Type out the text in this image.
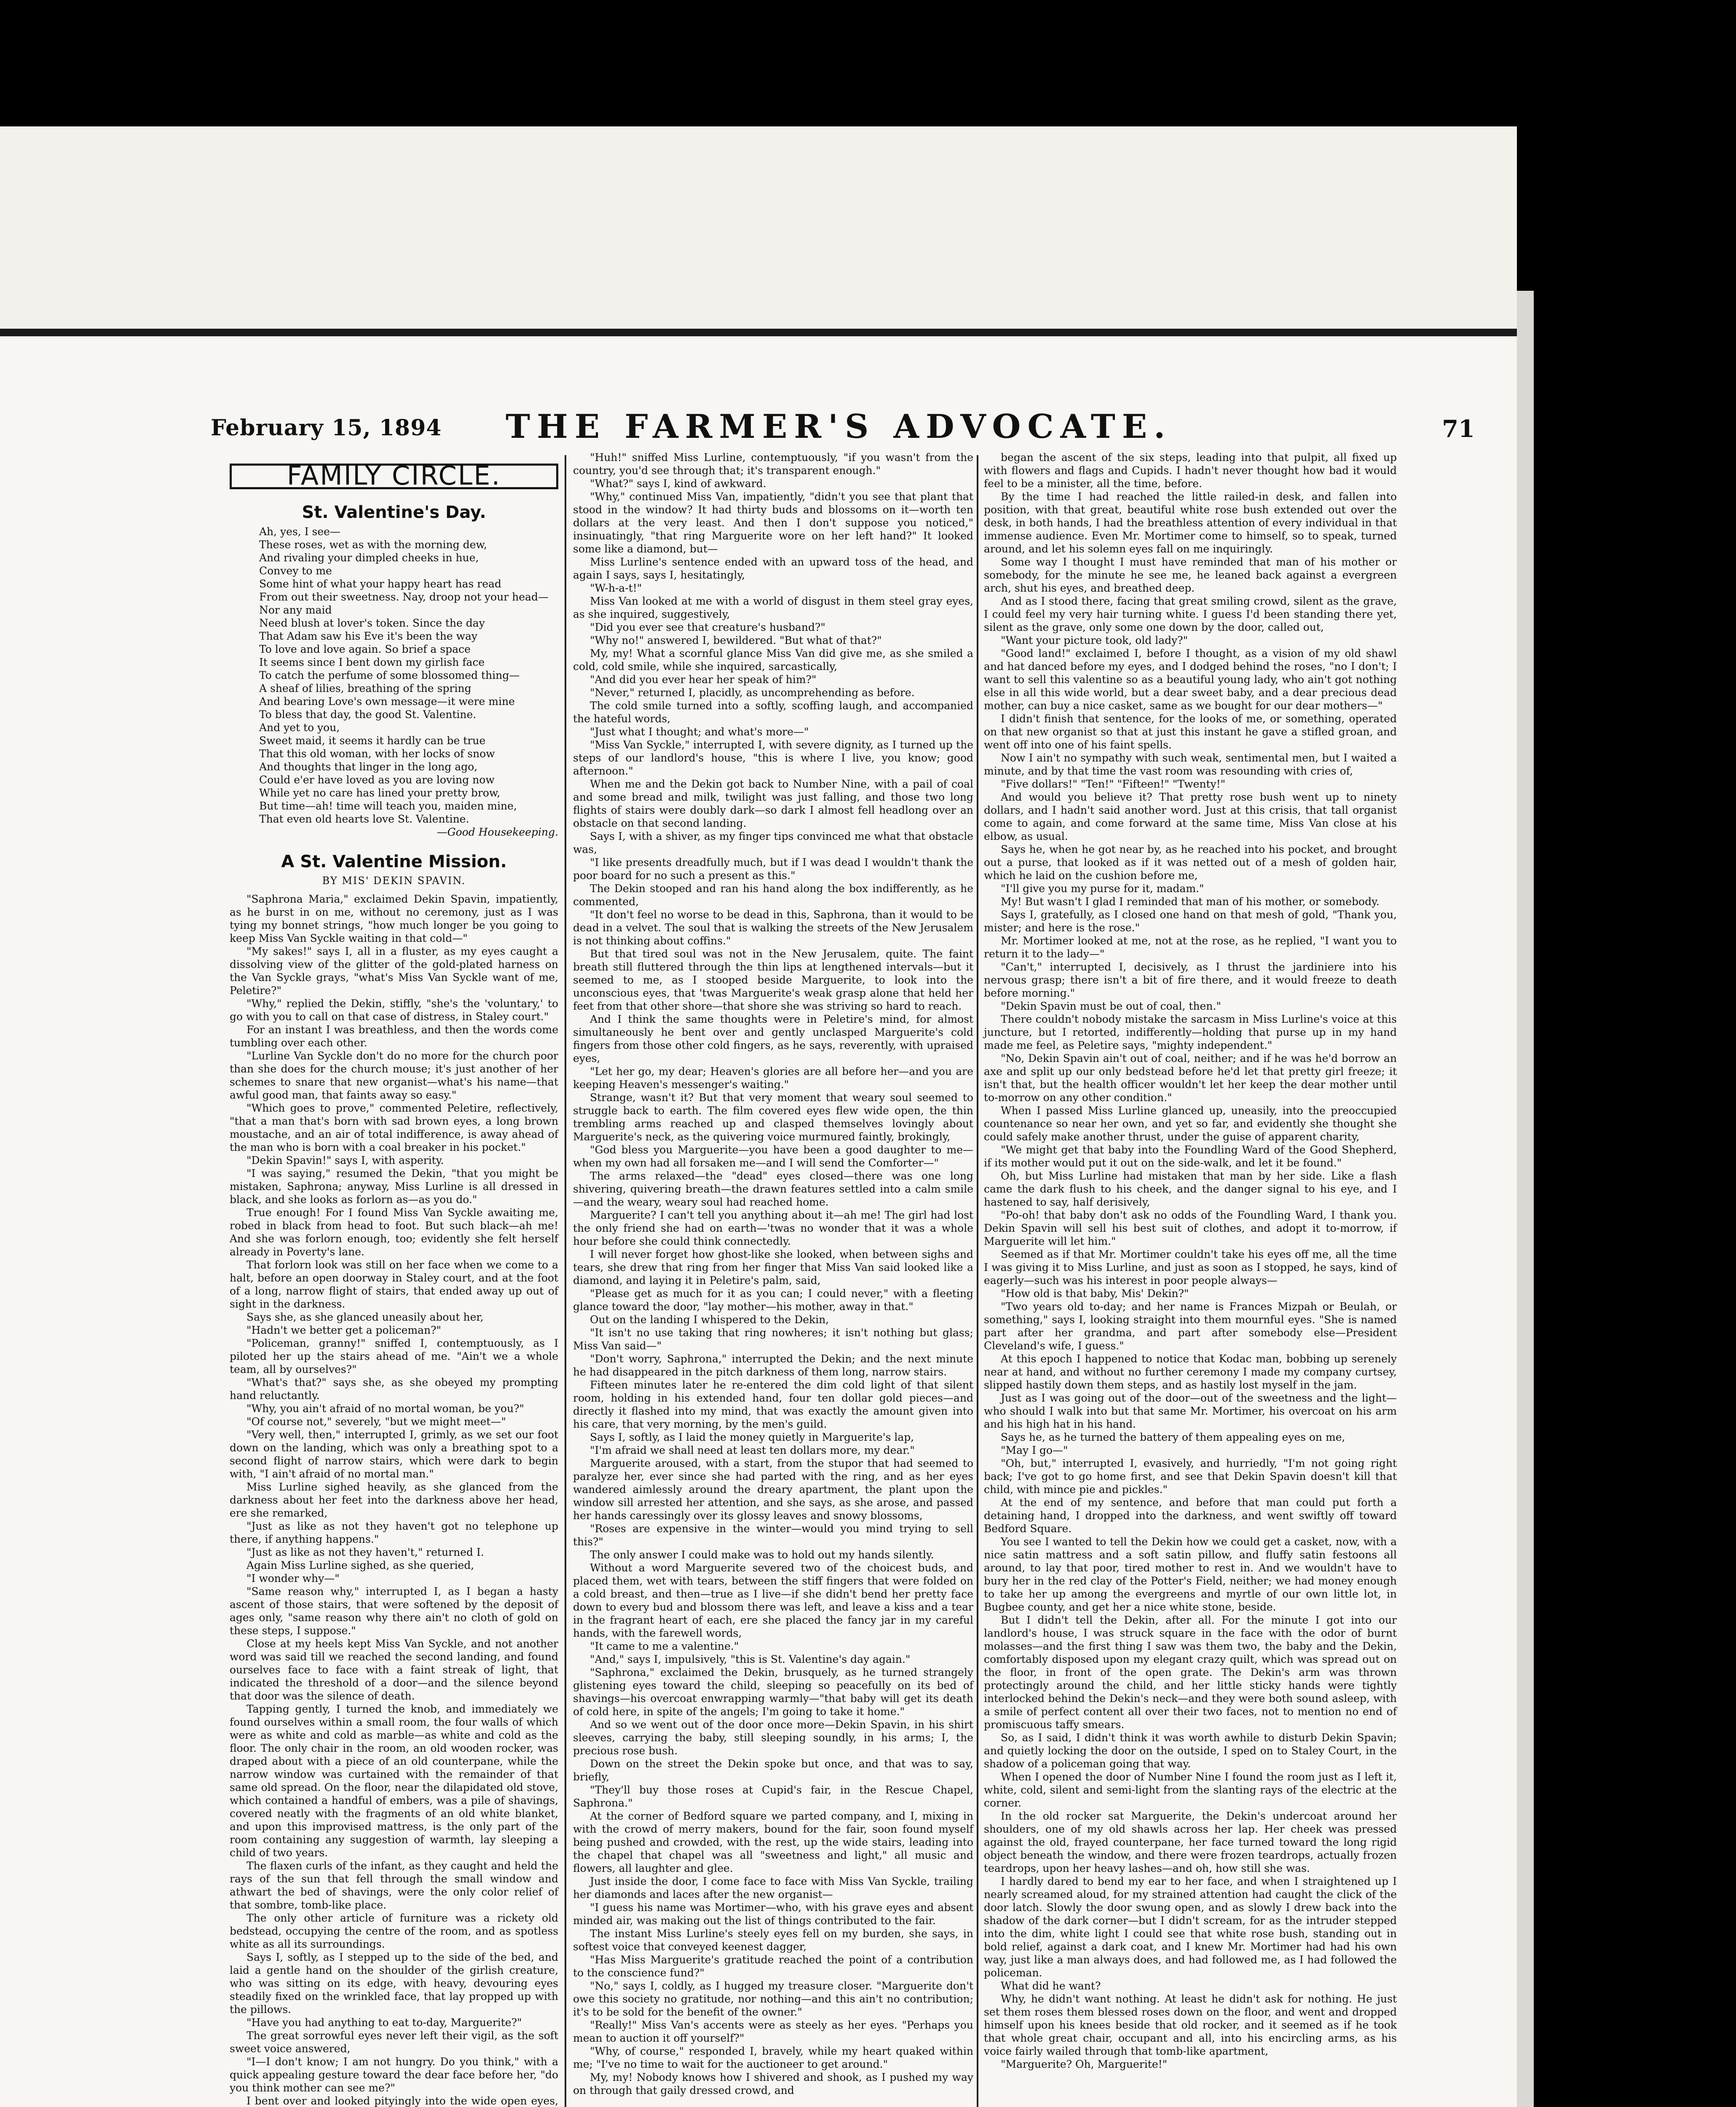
February 15, 1894 THE FARMER'S ADVOCATE.	71
FAMILY CIRCLE.
St. Valentine's Day.
Ah, yes, I see—
These roses, wet as with the morning dew,
And rivaling your dimpled cheeks in hue,
Convey to me
Some hint of what your happy heart has read
From out their sweetness. Nay, droop not your head—
Nor any maid
Need blush at lover's token. Since the day
That Adam saw his Eve it's been the way
To love and love again. So brief a space
It seems since I bent down my girlish face
To catch the perfume of some blossomed thing—
A sheaf of lilies, breathing of the spring
And bearing Love's own message—it were mine
To bless that day, the good St. Valentine.
And yet to you,
Sweet maid, it seems it hardly can be true
That this old woman, with her locks of snow
And thoughts that linger in the long ago,
Could e'er have loved as you are loving now
While yet no care has lined your pretty brow,
But time—ah! time will teach you, maiden mine,
That even old hearts love St. Valentine.
—Good Housekeeping.
A St. Valentine Mission.
BY MIS' DEKIN SPAVIN.

"Saphrona Maria," exclaimed Dekin Spavin, impatiently, as he burst in on me, without no ceremony, just as I was tying my bonnet strings, "how much longer be you going to keep Miss Van Syckle waiting in that cold—"

"My sakes!" says I, all in a fluster, as my eyes caught a dissolving view of the glitter of the gold-plated harness on the Van Syckle grays, "what's Miss Van Syckle want of me, Peletire?"

"Why," replied the Dekin, stiffly, "she's the 'voluntary,' to go with you to call on that case of distress, in Staley court."

For an instant I was breathless, and then the words come tumbling over each other.

"Lurline Van Syckle don't do no more for the church poor than she does for the church mouse; it's just another of her schemes to snare that new organist—what's his name—that awful good man, that faints away so easy."

"Which goes to prove," commented Peletire, reflectively, "that a man that's born with sad brown eyes, a long brown moustache, and an air of total indifference, is away ahead of the man who is born with a coal breaker in his pocket."

"Dekin Spavin!" says I, with asperity.

"I was saying," resumed the Dekin, "that you might be mistaken, Saphrona; anyway, Miss Lurline is all dressed in black, and she looks as forlorn as—as you do."

True enough! For I found Miss Van Syckle awaiting me, robed in black from head to foot. But such black—ah me! And she was forlorn enough, too; evidently she felt herself already in Poverty's lane.

That forlorn look was still on her face when we come to a halt, before an open doorway in Staley court, and at the foot of a long, narrow flight of stairs, that ended away up out of sight in the darkness.

Says she, as she glanced uneasily about her,

"Hadn't we better get a policeman?"

"Policeman, granny!" sniffed I, contemptuously, as I piloted her up the stairs ahead of me. "Ain't we a whole team, all by ourselves?"

"What's that?" says she, as she obeyed my prompting hand reluctantly.

"Why, you ain't afraid of no mortal woman, be you?"

"Of course not," severely, "but we might meet—"

"Very well, then," interrupted I, grimly, as we set our foot down on the landing, which was only a breathing spot to a second flight of narrow stairs, which were dark to begin with, "I ain't afraid of no mortal man."

Miss Lurline sighed heavily, as she glanced from the darkness about her feet into the darkness above her head, ere she remarked,

"Just as like as not they haven't got no telephone up there, if anything happens."

"Just as like as not they haven't," returned I.

Again Miss Lurline sighed, as she queried,

"I wonder why—"

"Same reason why," interrupted I, as I began a hasty ascent of those stairs, that were softened by the deposit of ages only, "same reason why there ain't no cloth of gold on these steps, I suppose."

Close at my heels kept Miss Van Syckle, and not another word was said till we reached the second landing, and found ourselves face to face with a faint streak of light, that indicated the threshold of a door—and the silence beyond that door was the silence of death.

Tapping gently, I turned the knob, and immediately we found ourselves within a small room, the four walls of which were as white and cold as marble—as white and cold as the floor. The only chair in the room, an old wooden rocker, was draped about with a piece of an old counterpane, while the narrow window was curtained with the remainder of that same old spread. On the floor, near the dilapidated old stove, which contained a handful of embers, was a pile of shavings, covered neatly with the fragments of an old white blanket, and upon this improvised mattress, is the only part of the room containing any suggestion of warmth, lay sleeping a child of two years.

The flaxen curls of the infant, as they caught and held the rays of the sun that fell through the small window and athwart the bed of shavings, were the only color relief of that sombre, tomb-like place.

The only other article of furniture was a rickety old bedstead, occupying the centre of the room, and as spotless white as all its surroundings.

Says I, softly, as I stepped up to the side of the bed, and laid a gentle hand on the shoulder of the girlish creature, who was sitting on its edge, with heavy, devouring eyes steadily fixed on the wrinkled face, that lay propped up with the pillows.

"Have you had anything to eat to-day, Marguerite?"

The great sorrowful eyes never left their vigil, as the soft sweet voice answered,

"I—I don't know; I am not hungry. Do you think," with a quick appealing gesture toward the dear face before her, "do you think mother can see me?"

I bent over and looked pityingly into the wide open eyes,

"Huh!" sniffed Miss Lurline, contemptuously, "if you wasn't from the country, you'd see through that; it's transparent enough."

"What?" says I, kind of awkward.

"Why," continued Miss Van, impatiently, "didn't you see that plant that stood in the window? It had thirty buds and blossoms on it—worth ten dollars at the very least. And then I don't suppose you noticed," insinuatingly, "that ring Marguerite wore on her left hand?" It looked some like a diamond, but—

Miss Lurline's sentence ended with an upward toss of the head, and again I says, says I, hesitatingly,

"W-h-a-t!"

Miss Van looked at me with a world of disgust in them steel gray eyes, as she inquired, suggestively,

"Did you ever see that creature's husband?"

"Why no!" answered I, bewildered. "But what of that?"

My, my! What a scornful glance Miss Van did give me, as she smiled a cold, cold smile, while she inquired, sarcastically,

"And did you ever hear her speak of him?"

"Never," returned I, placidly, as uncomprehending as before.

The cold smile turned into a softly, scoffing laugh, and accompanied the hateful words,

"Just what I thought; and what's more—"

"Miss Van Syckle," interrupted I, with severe dignity, as I turned up the steps of our landlord's house, "this is where I live, you know; good afternoon."

When me and the Dekin got back to Number Nine, with a pail of coal and some bread and milk, twilight was just falling, and those two long flights of stairs were doubly dark—so dark I almost fell headlong over an obstacle on that second landing.

Says I, with a shiver, as my finger tips convinced me what that obstacle was,

"I like presents dreadfully much, but if I was dead I wouldn't thank the poor board for no such a present as this."

The Dekin stooped and ran his hand along the box indifferently, as he commented,

"It don't feel no worse to be dead in this, Saphrona, than it would to be dead in a velvet. The soul that is walking the streets of the New Jerusalem is not thinking about coffins."

But that tired soul was not in the New Jerusalem, quite. The faint breath still fluttered through the thin lips at lengthened intervals—but it seemed to me, as I stooped beside Marguerite, to look into the unconscious eyes, that 'twas Marguerite's weak grasp alone that held her feet from that other shore—that shore she was striving so hard to reach.

And I think the same thoughts were in Peletire's mind, for almost simultaneously he bent over and gently unclasped Marguerite's cold fingers from those other cold fingers, as he says, reverently, with upraised eyes,

"Let her go, my dear; Heaven's glories are all before her—and you are keeping Heaven's messenger's waiting."

Strange, wasn't it? But that very moment that weary soul seemed to struggle back to earth. The film covered eyes flew wide open, the thin trembling arms reached up and clasped themselves lovingly about Marguerite's neck, as the quivering voice murmured faintly, brokingly,

"God bless you Marguerite—you have been a good daughter to me—when my own had all forsaken me—and I will send the Comforter—"

The arms relaxed—the "dead" eyes closed—there was one long shivering, quivering breath—the drawn features settled into a calm smile—and the weary, weary soul had reached home.

Marguerite? I can't tell you anything about it—ah me! The girl had lost the only friend she had on earth—'twas no wonder that it was a whole hour before she could think connectedly.

I will never forget how ghost-like she looked, when between sighs and tears, she drew that ring from her finger that Miss Van said looked like a diamond, and laying it in Peletire's palm, said,

"Please get as much for it as you can; I could never," with a fleeting glance toward the door, "lay mother—his mother, away in that."

Out on the landing I whispered to the Dekin,

"It isn't no use taking that ring nowheres; it isn't nothing but glass; Miss Van said—"

"Don't worry, Saphrona," interrupted the Dekin; and the next minute he had disappeared in the pitch darkness of them long, narrow stairs.

Fifteen minutes later he re-entered the dim cold light of that silent room, holding in his extended hand, four ten dollar gold pieces—and directly it flashed into my mind, that was exactly the amount given into his care, that very morning, by the men's guild.

Says I, softly, as I laid the money quietly in Marguerite's lap,

"I'm afraid we shall need at least ten dollars more, my dear."

Marguerite aroused, with a start, from the stupor that had seemed to paralyze her, ever since she had parted with the ring, and as her eyes wandered aimlessly around the dreary apartment, the plant upon the window sill arrested her attention, and she says, as she arose, and passed her hands caressingly over its glossy leaves and snowy blossoms,

"Roses are expensive in the winter—would you mind trying to sell this?"

The only answer I could make was to hold out my hands silently.

Without a word Marguerite severed two of the choicest buds, and placed them, wet with tears, between the stiff fingers that were folded on a cold breast, and then—true as I live—if she didn't bend her pretty face down to every bud and blossom there was left, and leave a kiss and a tear in the fragrant heart of each, ere she placed the fancy jar in my careful hands, with the farewell words,

"It came to me a valentine."

"And," says I, impulsively, "this is St. Valentine's day again."

"Saphrona," exclaimed the Dekin, brusquely, as he turned strangely glistening eyes toward the child, sleeping so peacefully on its bed of shavings—his overcoat enwrapping warmly—"that baby will get its death of cold here, in spite of the angels; I'm going to take it home."

And so we went out of the door once more—Dekin Spavin, in his shirt sleeves, carrying the baby, still sleeping soundly, in his arms; I, the precious rose bush.

Down on the street the Dekin spoke but once, and that was to say, briefly,

"They'll buy those roses at Cupid's fair, in the Rescue Chapel, Saphrona."

At the corner of Bedford square we parted company, and I, mixing in with the crowd of merry makers, bound for the fair, soon found myself being pushed and crowded, with the rest, up the wide stairs, leading into the chapel that chapel was all "sweetness and light," all music and flowers, all laughter and glee.

Just inside the door, I come face to face with Miss Van Syckle, trailing her diamonds and laces after the new organist—

"I guess his name was Mortimer—who, with his grave eyes and absent minded air, was making out the list of things contributed to the fair.

The instant Miss Lurline's steely eyes fell on my burden, she says, in softest voice that conveyed keenest dagger,

"Has Miss Marguerite's gratitude reached the point of a contribution to the conscience fund?"

"No," says I, coldly, as I hugged my treasure closer. "Marguerite don't owe this society no gratitude, nor nothing—and this ain't no contribution; it's to be sold for the benefit of the owner."

"Really!" Miss Van's accents were as steely as her eyes. "Perhaps you mean to auction it off yourself?"

"Why, of course," responded I, bravely, while my heart quaked within me; "I've no time to wait for the auctioneer to get around."

My, my! Nobody knows how I shivered and shook, as I pushed my way on through that gaily dressed crowd, and

began the ascent of the six steps, leading into that pulpit, all fixed up with flowers and flags and Cupids. I hadn't never thought how bad it would feel to be a minister, all the time, before.

By the time I had reached the little railed-in desk, and fallen into position, with that great, beautiful white rose bush extended out over the desk, in both hands, I had the breathless attention of every individual in that immense audience. Even Mr. Mortimer come to himself, so to speak, turned around, and let his solemn eyes fall on me inquiringly.

Some way I thought I must have reminded that man of his mother or somebody, for the minute he see me, he leaned back against a evergreen arch, shut his eyes, and breathed deep.

And as I stood there, facing that great smiling crowd, silent as the grave, I could feel my very hair turning white. I guess I'd been standing there yet, silent as the grave, only some one down by the door, called out,

"Want your picture took, old lady?"

"Good land!" exclaimed I, before I thought, as a vision of my old shawl and hat danced before my eyes, and I dodged behind the roses, "no I don't; I want to sell this valentine so as a beautiful young lady, who ain't got nothing else in all this wide world, but a dear sweet baby, and a dear precious dead mother, can buy a nice casket, same as we bought for our dear mothers—"

I didn't finish that sentence, for the looks of me, or something, operated on that new organist so that at just this instant he gave a stifled groan, and went off into one of his faint spells.

Now I ain't no sympathy with such weak, sentimental men, but I waited a minute, and by that time the vast room was resounding with cries of,

"Five dollars!" "Ten!" "Fifteen!" "Twenty!"

And would you believe it? That pretty rose bush went up to ninety dollars, and I hadn't said another word. Just at this crisis, that tall organist come to again, and come forward at the same time, Miss Van close at his elbow, as usual.

Says he, when he got near by, as he reached into his pocket, and brought out a purse, that looked as if it was netted out of a mesh of golden hair, which he laid on the cushion before me,

"I'll give you my purse for it, madam."

My! But wasn't I glad I reminded that man of his mother, or somebody.

Says I, gratefully, as I closed one hand on that mesh of gold, "Thank you, mister; and here is the rose."

Mr. Mortimer looked at me, not at the rose, as he replied, "I want you to return it to the lady—"

"Can't," interrupted I, decisively, as I thrust the jardiniere into his nervous grasp; there isn't a bit of fire there, and it would freeze to death before morning."

"Dekin Spavin must be out of coal, then."

There couldn't nobody mistake the sarcasm in Miss Lurline's voice at this juncture, but I retorted, indifferently—holding that purse up in my hand made me feel, as Peletire says, "mighty independent."

"No, Dekin Spavin ain't out of coal, neither; and if he was he'd borrow an axe and split up our only bedstead before he'd let that pretty girl freeze; it isn't that, but the health officer wouldn't let her keep the dear mother until to-morrow on any other condition."

When I passed Miss Lurline glanced up, uneasily, into the preoccupied countenance so near her own, and yet so far, and evidently she thought she could safely make another thrust, under the guise of apparent charity,

"We might get that baby into the Foundling Ward of the Good Shepherd, if its mother would put it out on the side-walk, and let it be found."

Oh, but Miss Lurline had mistaken that man by her side. Like a flash came the dark flush to his cheek, and the danger signal to his eye, and I hastened to say, half derisively,

"Po-oh! that baby don't ask no odds of the Foundling Ward, I thank you. Dekin Spavin will sell his best suit of clothes, and adopt it to-morrow, if Marguerite will let him."

Seemed as if that Mr. Mortimer couldn't take his eyes off me, all the time I was giving it to Miss Lurline, and just as soon as I stopped, he says, kind of eagerly—such was his interest in poor people always—

"How old is that baby, Mis' Dekin?"

"Two years old to-day; and her name is Frances Mizpah or Beulah, or something," says I, looking straight into them mournful eyes. "She is named part after her grandma, and part after somebody else—President Cleveland's wife, I guess."

At this epoch I happened to notice that Kodac man, bobbing up serenely near at hand, and without no further ceremony I made my company curtsey, slipped hastily down them steps, and as hastily lost myself in the jam.

Just as I was going out of the door—out of the sweetness and the light—who should I walk into but that same Mr. Mortimer, his overcoat on his arm and his high hat in his hand.

Says he, as he turned the battery of them appealing eyes on me,

"May I go—"

"Oh, but," interrupted I, evasively, and hurriedly, "I'm not going right back; I've got to go home first, and see that Dekin Spavin doesn't kill that child, with mince pie and pickles."

At the end of my sentence, and before that man could put forth a detaining hand, I dropped into the darkness, and went swiftly off toward Bedford Square.

You see I wanted to tell the Dekin how we could get a casket, now, with a nice satin mattress and a soft satin pillow, and fluffy satin festoons all around, to lay that poor, tired mother to rest in. And we wouldn't have to bury her in the red clay of the Potter's Field, neither; we had money enough to take her up among the evergreens and myrtle of our own little lot, in Bugbee county, and get her a nice white stone, beside.

But I didn't tell the Dekin, after all. For the minute I got into our landlord's house, I was struck square in the face with the odor of burnt molasses—and the first thing I saw was them two, the baby and the Dekin, comfortably disposed upon my elegant crazy quilt, which was spread out on the floor, in front of the open grate. The Dekin's arm was thrown protectingly around the child, and her little sticky hands were tightly interlocked behind the Dekin's neck—and they were both sound asleep, with a smile of perfect content all over their two faces, not to mention no end of promiscuous taffy smears.

So, as I said, I didn't think it was worth awhile to disturb Dekin Spavin; and quietly locking the door on the outside, I sped on to Staley Court, in the shadow of a policeman going that way.

When I opened the door of Number Nine I found the room just as I left it, white, cold, silent and semi-light from the slanting rays of the electric at the corner.

In the old rocker sat Marguerite, the Dekin's undercoat around her shoulders, one of my old shawls across her lap. Her cheek was pressed against the old, frayed counterpane, her face turned toward the long rigid object beneath the window, and there were frozen teardrops, actually frozen teardrops, upon her heavy lashes—and oh, how still she was.

I hardly dared to bend my ear to her face, and when I straightened up I nearly screamed aloud, for my strained attention had caught the click of the door latch. Slowly the door swung open, and as slowly I drew back into the shadow of the dark corner—but I didn't scream, for as the intruder stepped into the dim, white light I could see that white rose bush, standing out in bold relief, against a dark coat, and I knew Mr. Mortimer had had his own way, just like a man always does, and had followed me, as I had followed the policeman.

What did he want?

Why, he didn't want nothing. At least he didn't ask for nothing. He just set them roses them blessed roses down on the floor, and went and dropped himself upon his knees beside that old rocker, and it seemed as if he took that whole great chair, occupant and all, into his encircling arms, as his voice fairly wailed through that tomb-like apartment,

"Marguerite? Oh, Marguerite!"
